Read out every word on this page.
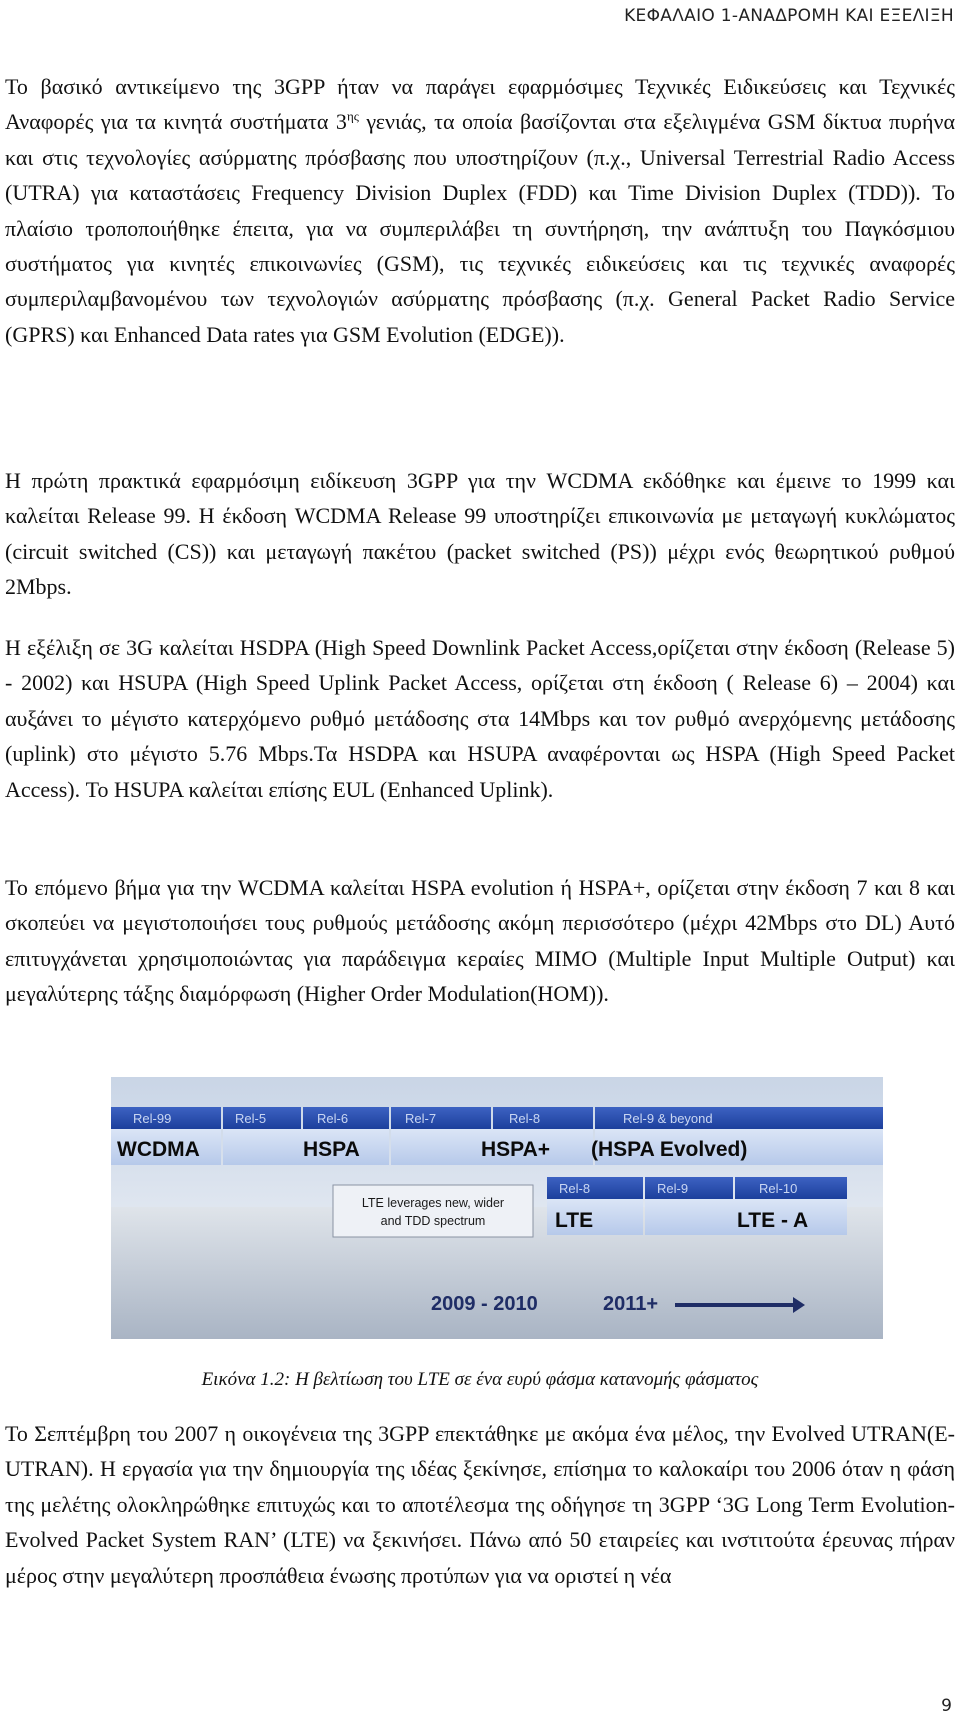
ΚΕΦΑΛΑΙΟ 1-ΑΝΑΔΡΟΜΗ ΚΑΙ ΕΞΕΛΙΞΗ

Το βασικό αντικείμενο της 3GPP ήταν να παράγει εφαρμόσιμες Τεχνικές Ειδικεύσεις και Τεχνικές Αναφορές για τα κινητά συστήματα $3^{\eta\varsigma}$ γενιάς, τα οποία βασίζονται στα εξελιγμένα GSM δίκτυα πυρήνα και στις τεχνολογίες ασύρματης πρόσβασης που υποστηρίζουν (π.χ., Universal Terrestrial Radio Access (UTRA) για καταστάσεις Frequency Division Duplex (FDD) και Time Division Duplex (TDD)). Το πλαίσιο τροποποιήθηκε έπειτα, για να συμπεριλάβει τη συντήρηση, την ανάπτυξη του Παγκόσμιου συστήματος για κινητές επικοινωνίες (GSM), τις τεχνικές ειδικεύσεις και τις τεχνικές αναφορές συμπεριλαμβανομένου των τεχνολογιών ασύρματης πρόσβασης (π.χ. General Packet Radio Service (GPRS) και Enhanced Data rates για GSM Evolution (EDGE)).

Η πρώτη πρακτικά εφαρμόσιμη ειδίκευση 3GPP για την WCDMA εκδόθηκε και έμεινε το 1999 και καλείται Release 99. Η έκδοση WCDMA Release 99 υποστηρίζει επικοινωνία με μεταγωγή κυκλώματος (circuit switched (CS)) και μεταγωγή πακέτου (packet switched (PS)) μέχρι ενός θεωρητικού ρυθμού 2Mbps.

Η εξέλιξη σε 3G καλείται HSDPA (High Speed Downlink Packet Access,ορίζεται στην έκδοση (Release 5) - 2002) και HSUPA (High Speed Uplink Packet Access, ορίζεται στη έκδοση ( Release 6) – 2004) και αυξάνει το μέγιστο κατερχόμενο ρυθμό μετάδοσης στα 14Mbps και τον ρυθμό ανερχόμενης μετάδοσης (uplink) στο μέγιστο 5.76 Mbps.Τα HSDPA και HSUPA αναφέρονται ως HSPA (High Speed Packet Access). Το HSUPA καλείται επίσης EUL (Enhanced Uplink).

Το επόμενο βήμα για την WCDMA καλείται HSPA evolution ή HSPA+, ορίζεται στην έκδοση 7 και 8 και σκοπεύει να μεγιστοποιήσει τους ρυθμούς μετάδοσης ακόμη περισσότερο (μέχρι 42Mbps στο DL) Αυτό επιτυγχάνεται χρησιμοποιώντας για παράδειγμα κεραίες MIMO (Multiple Input Multiple Output) και μεγαλύτερης τάξης διαμόρφωση (Higher Order Modulation(HOM)).

Rel-99	Rel-5	Rel-6	Rel-7	Rel-8	Rel-9 & beyond
WCDMA	HSPA	HSPA+ (HSPA Evolved)
LTE leverages new, wider
and TDD spectrum
Rel-8	Rel-9	Rel-10
LTE	LTE - A
2009 - 2010	2011+
Εικόνα 1.2: Η βελτίωση του LTE σε ένα ευρύ φάσμα κατανομής φάσματος

Το Σεπτέμβρη του 2007 η οικογένεια της 3GPP επεκτάθηκε με ακόμα ένα μέλος, την Evolved UTRAN(E-UTRAN). Η εργασία για την δημιουργία της ιδέας ξεκίνησε, επίσημα το καλοκαίρι του 2006 όταν η φάση της μελέτης ολοκληρώθηκε επιτυχώς και το αποτέλεσμα της οδήγησε τη 3GPP ‘3G Long Term Evolution-Evolved Packet System RAN’ (LTE) να ξεκινήσει. Πάνω από 50 εταιρείες και ινστιτούτα έρευνας πήραν μέρος στην μεγαλύτερη προσπάθεια ένωσης προτύπων για να οριστεί η νέα

9
